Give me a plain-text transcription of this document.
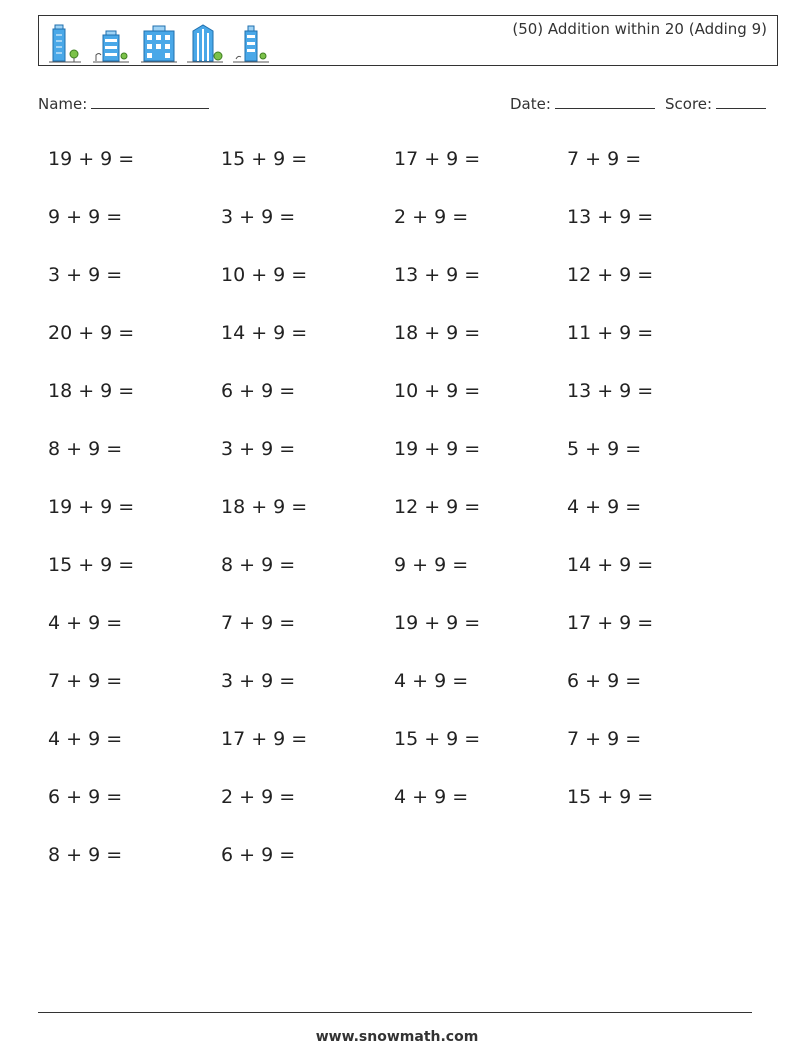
(50) Addition within 20 (Adding 9)
Name:	Date:	Score:
19 + 9 =	15 + 9 =	17 + 9 =	7 + 9 =
9 + 9 =	3 + 9 =	2 + 9 =	13 + 9 =
3 + 9 =	10 + 9 =	13 + 9 =	12 + 9 =
20 + 9 =	14 + 9 =	18 + 9 =	11 + 9 =
18 + 9 =	6 + 9 =	10 + 9 =	13 + 9 =
8 + 9 =	3 + 9 =	19 + 9 =	5 + 9 =
19 + 9 =	18 + 9 =	12 + 9 =	4 + 9 =
15 + 9 =	8 + 9 =	9 + 9 =	14 + 9 =
4 + 9 =	7 + 9 =	19 + 9 =	17 + 9 =
7 + 9 =	3 + 9 =	4 + 9 =	6 + 9 =
4 + 9 =	17 + 9 =	15 + 9 =	7 + 9 =
6 + 9 =	2 + 9 =	4 + 9 =	15 + 9 =
8 + 9 =	6 + 9 =
www.snowmath.com
